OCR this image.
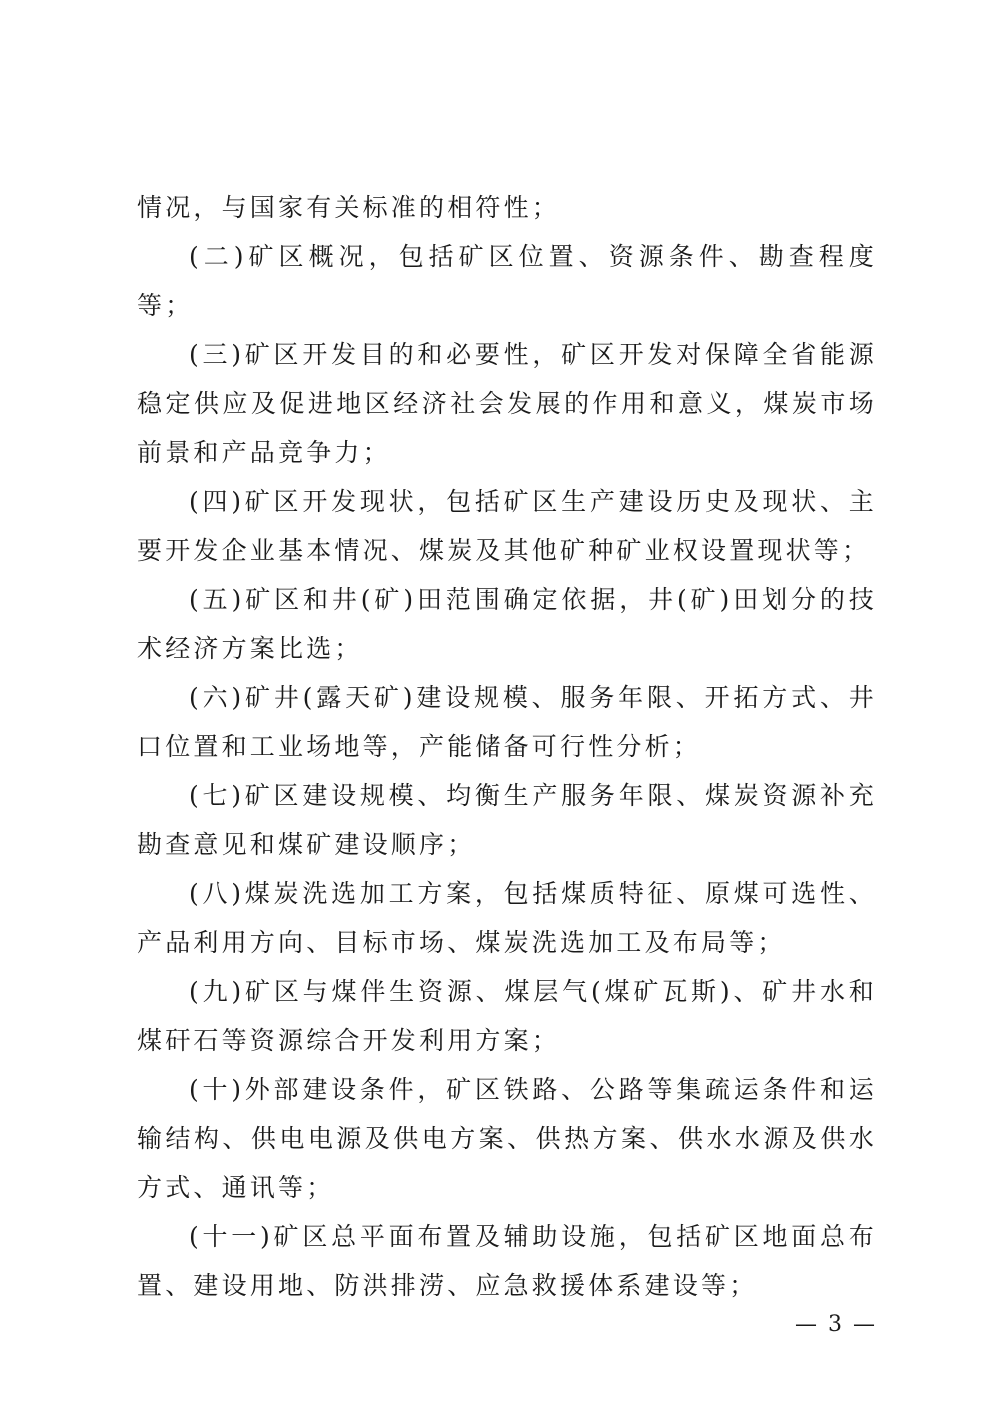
情况，与国家有关标准的相符性；

(二)矿区概况，包括矿区位置、资源条件、勘查程度等；

(三)矿区开发目的和必要性，矿区开发对保障全省能源稳定供应及促进地区经济社会发展的作用和意义，煤炭市场前景和产品竞争力；

(四)矿区开发现状，包括矿区生产建设历史及现状、主要开发企业基本情况、煤炭及其他矿种矿业权设置现状等；

(五)矿区和井(矿)田范围确定依据，井(矿)田划分的技术经济方案比选；

(六)矿井(露天矿)建设规模、服务年限、开拓方式、井口位置和工业场地等，产能储备可行性分析；

(七)矿区建设规模、均衡生产服务年限、煤炭资源补充勘查意见和煤矿建设顺序；

(八)煤炭洗选加工方案，包括煤质特征、原煤可选性、产品利用方向、目标市场、煤炭洗选加工及布局等；

(九)矿区与煤伴生资源、煤层气(煤矿瓦斯)、矿井水和煤矸石等资源综合开发利用方案；

(十)外部建设条件，矿区铁路、公路等集疏运条件和运输结构、供电电源及供电方案、供热方案、供水水源及供水方式、通讯等；

(十一)矿区总平面布置及辅助设施，包括矿区地面总布置、建设用地、防洪排涝、应急救援体系建设等；

— 3 —
